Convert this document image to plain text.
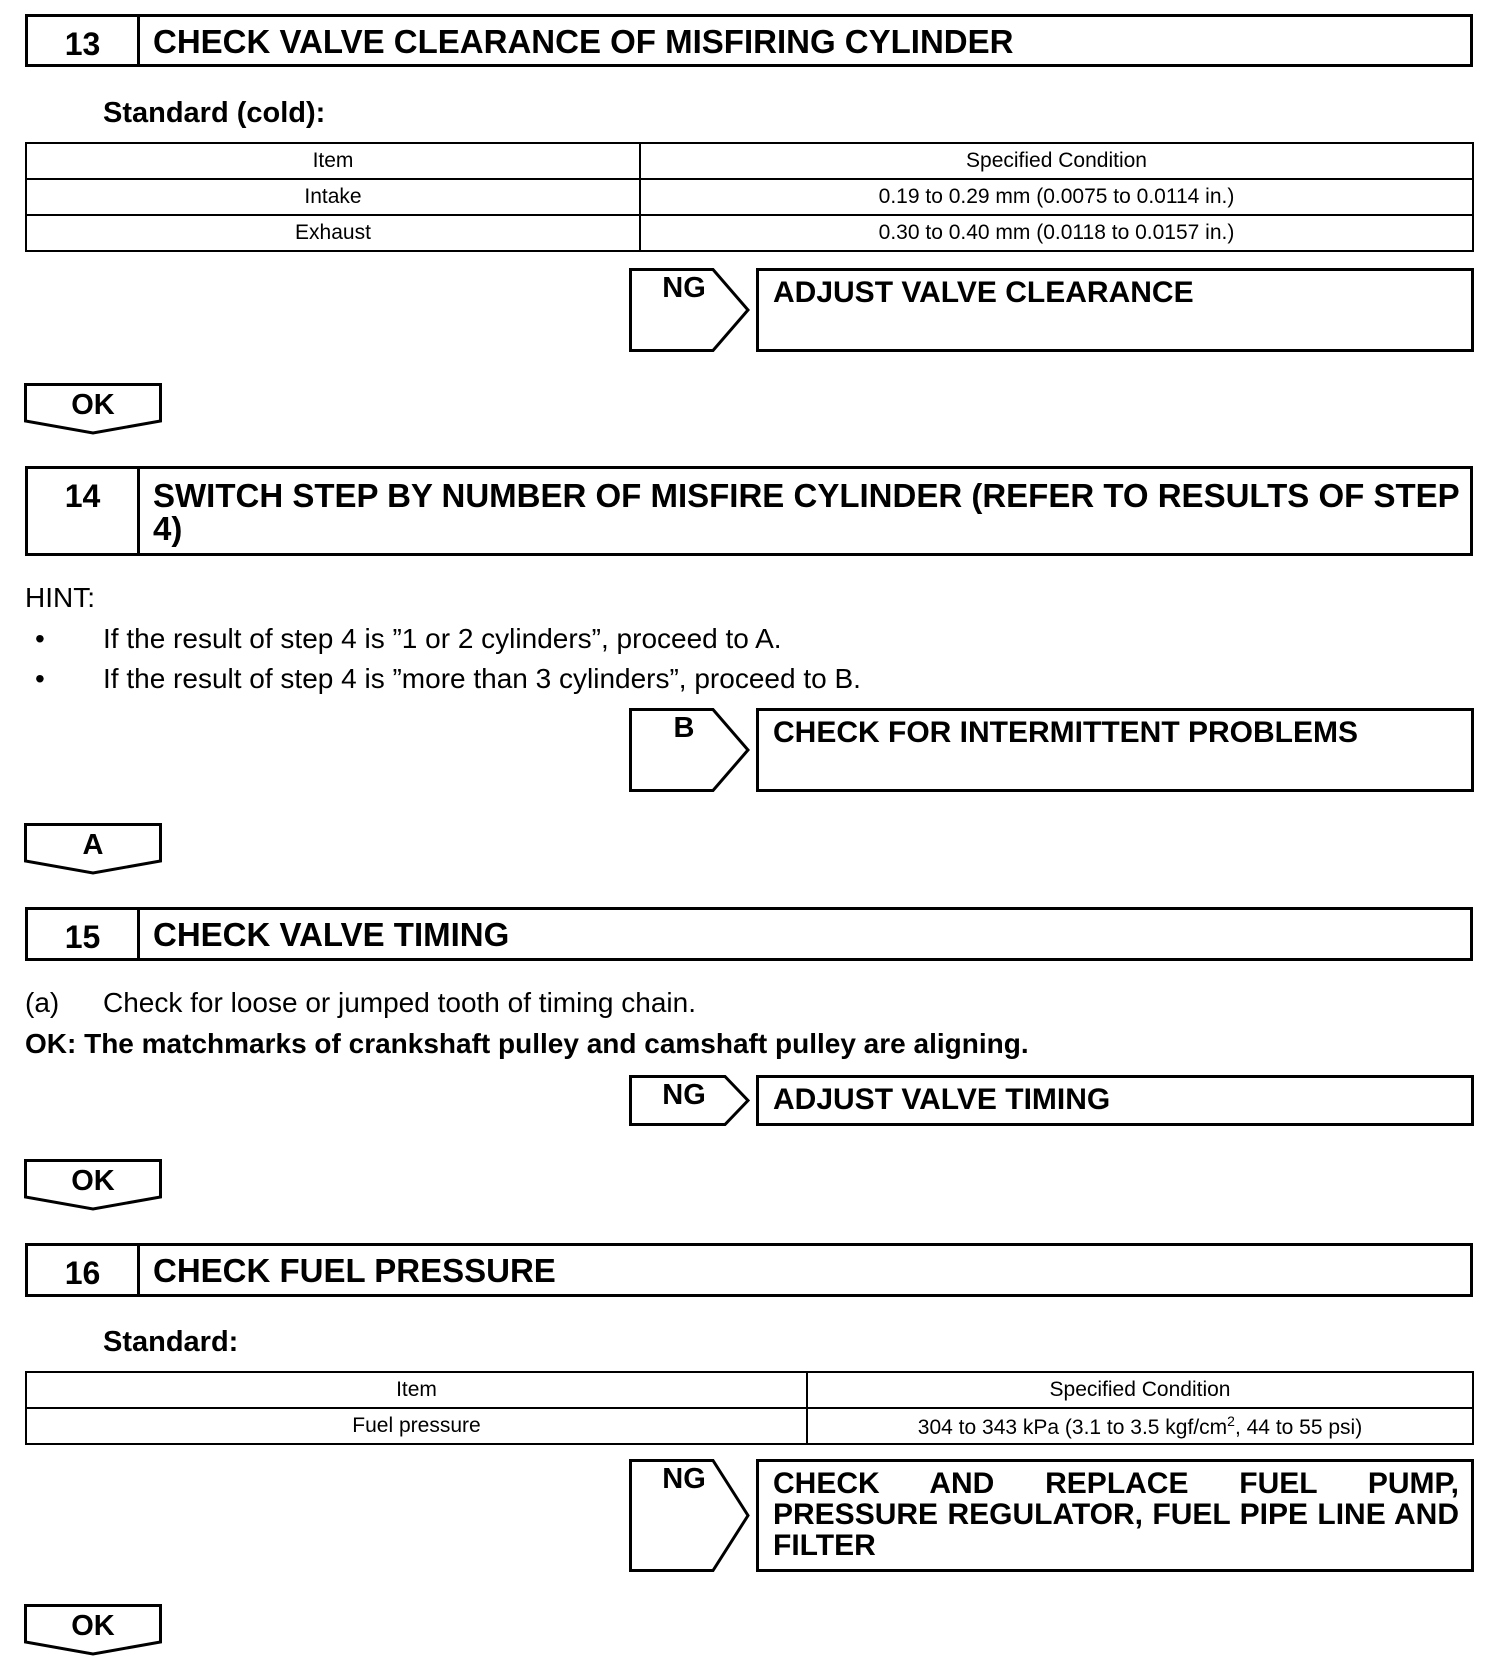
13	CHECK VALVE CLEARANCE OF MISFIRING CYLINDER
Standard (cold):
Item	Specified Condition
Intake	0.19 to 0.29 mm (0.0075 to 0.0114 in.)
Exhaust	0.30 to 0.40 mm (0.0118 to 0.0157 in.)
NG	ADJUST VALVE CLEARANCE
OK
14	SWITCH STEP BY NUMBER OF MISFIRE CYLINDER (REFER TO RESULTS OF STEP 4)
HINT:
• If the result of step 4 is ”1 or 2 cylinders”, proceed to A.
• If the result of step 4 is ”more than 3 cylinders”, proceed to B.
B	CHECK FOR INTERMITTENT PROBLEMS
A
15	CHECK VALVE TIMING
(a) Check for loose or jumped tooth of timing chain.
OK: The matchmarks of crankshaft pulley and camshaft pulley are aligning.
NG	ADJUST VALVE TIMING
OK
16	CHECK FUEL PRESSURE
Standard:
Item	Specified Condition
Fuel pressure	304 to 343 kPa (3.1 to 3.5 kgf/$cm^2$, 44 to 55 psi)
NG	CHECK AND REPLACE FUEL PUMP, PRESSURE REGULATOR, FUEL PIPE LINE AND FILTER
OK
